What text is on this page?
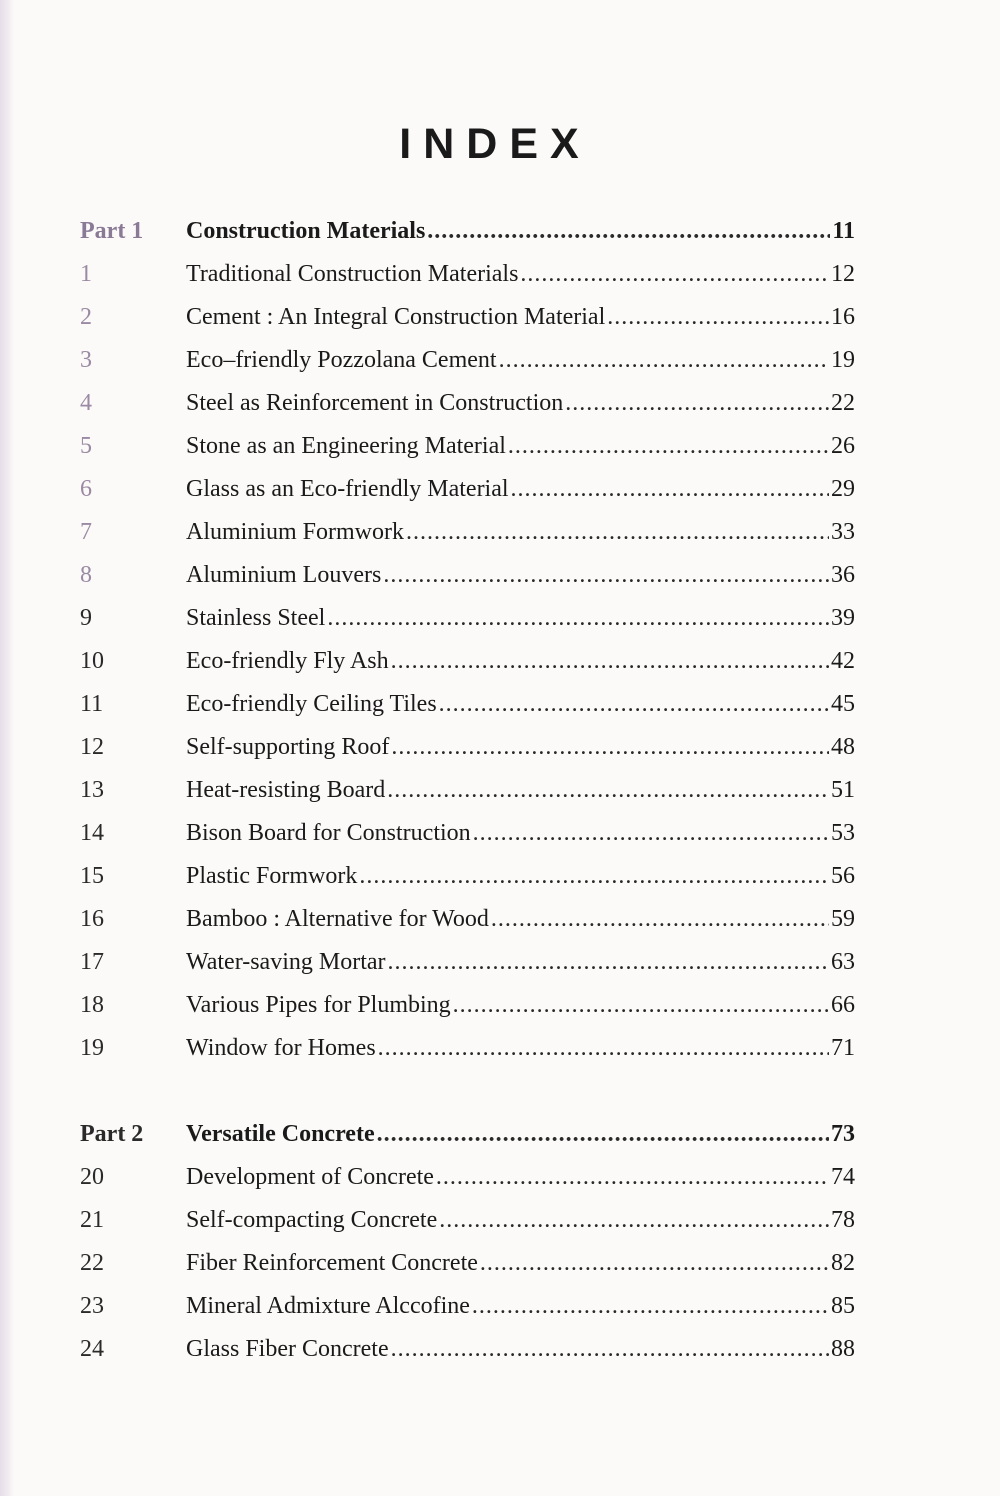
INDEX
Part 1	Construction Materials .....	11
1	Traditional Construction Materials .....	12
2	Cement : An Integral Construction Material .....	16
3	Eco–friendly Pozzolana Cement .....	19
4	Steel as Reinforcement in Construction .....	22
5	Stone as an Engineering Material .....	26
6	Glass as an Eco-friendly Material .....	29
7	Aluminium Formwork .....	33
8	Aluminium Louvers .....	36
9	Stainless Steel .....	39
10	Eco-friendly Fly Ash .....	42
11	Eco-friendly Ceiling Tiles .....	45
12	Self-supporting Roof .....	48
13	Heat-resisting Board .....	51
14	Bison Board for Construction .....	53
15	Plastic Formwork .....	56
16	Bamboo : Alternative for Wood .....	59
17	Water-saving Mortar .....	63
18	Various Pipes for Plumbing .....	66
19	Window for Homes .....	71
Part 2	Versatile Concrete .....	73
20	Development of Concrete .....	74
21	Self-compacting Concrete .....	78
22	Fiber Reinforcement Concrete .....	82
23	Mineral Admixture Alccofine .....	85
24	Glass Fiber Concrete .....	88
